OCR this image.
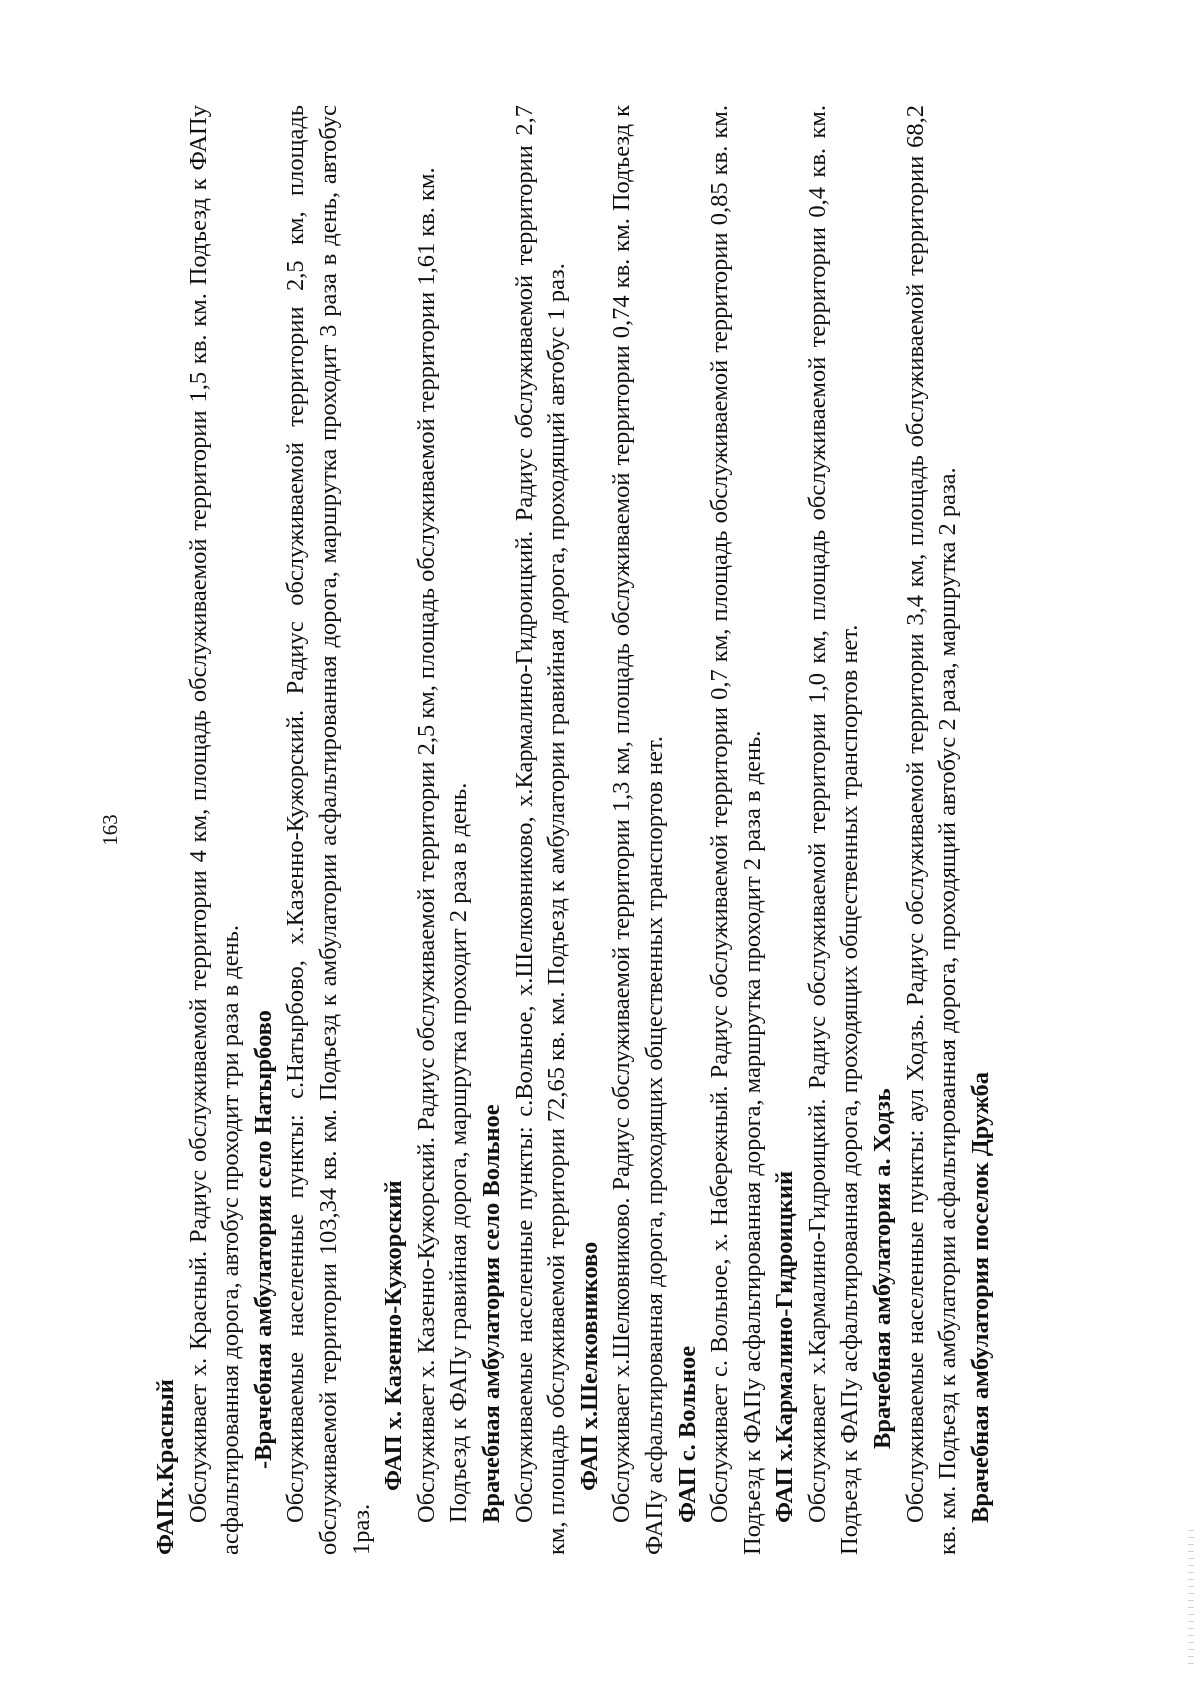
163
ФАПх.Красный Обслуживает х. Красный. Радиус обслуживаемой территории 4 км, площадь обслуживаемой территории 1,5 кв. км. Подъезд к ФАПу асфальтированная дорога, автобус проходит три раза в день. -Врачебная амбулатория село Натырбово Обслуживаемые населенные пункты: с.Натырбово, х.Казенно-Кужорский. Радиус обслуживаемой территории 2,5 км, площадь обслуживаемой территории 103,34 кв. км. Подъезд к амбулатории асфальтированная дорога, маршрутка проходит 3 раза в день, автобус 1раз.
ФАП х. Казенно-Кужорский Обслуживает х. Казенно-Кужорский. Радиус обслуживаемой территории 2,5 км, площадь обслуживаемой территории 1,61 кв. км. Подъезд к ФАПу гравийная дорога, маршрутка проходит 2 раза в день. Врачебная амбулатория село Вольное Обслуживаемые населенные пункты: с.Вольное, х.Шелковниково, х.Кармалино-Гидроицкий. Радиус обслуживаемой территории 2,7 км, площадь обслуживаемой территории 72,65 кв. км. Подъезд к амбулатории гравийная дорога, проходящий автобус 1 раз. ФАП х.Шелковниково Обслуживает х.Шелковниково. Радиус обслуживаемой территории 1,3 км, площадь обслуживаемой территории 0,74 кв. км. Подъезд к ФАПу асфальтированная дорога, проходящих общественных транспортов нет. ФАП с. Вольное Обслуживает с. Вольное, х. Набережный. Радиус обслуживаемой территории 0,7 км, площадь обслуживаемой территории 0,85 кв. км. Подъезд к ФАПу асфальтированная дорога, маршрутка проходит 2 раза в день. ФАП х.Кармалино-Гидроицкий Обслуживает х.Кармалино-Гидроицкий. Радиус обслуживаемой территории 1,0 км, площадь обслуживаемой территории 0,4 кв. км. Подъезд к ФАПу асфальтированная дорога, проходящих общественных транспортов нет. Врачебная амбулатория а. Ходзь Обслуживаемые населенные пункты: аул Ходзь. Радиус обслуживаемой территории 3,4 км, площадь обслуживаемой территории 68,2 кв. км. Подъезд к амбулатории асфальтированная дорога, проходящий автобус 2 раза, маршрутка 2 раза. Врачебная амбулатория поселок Дружба
